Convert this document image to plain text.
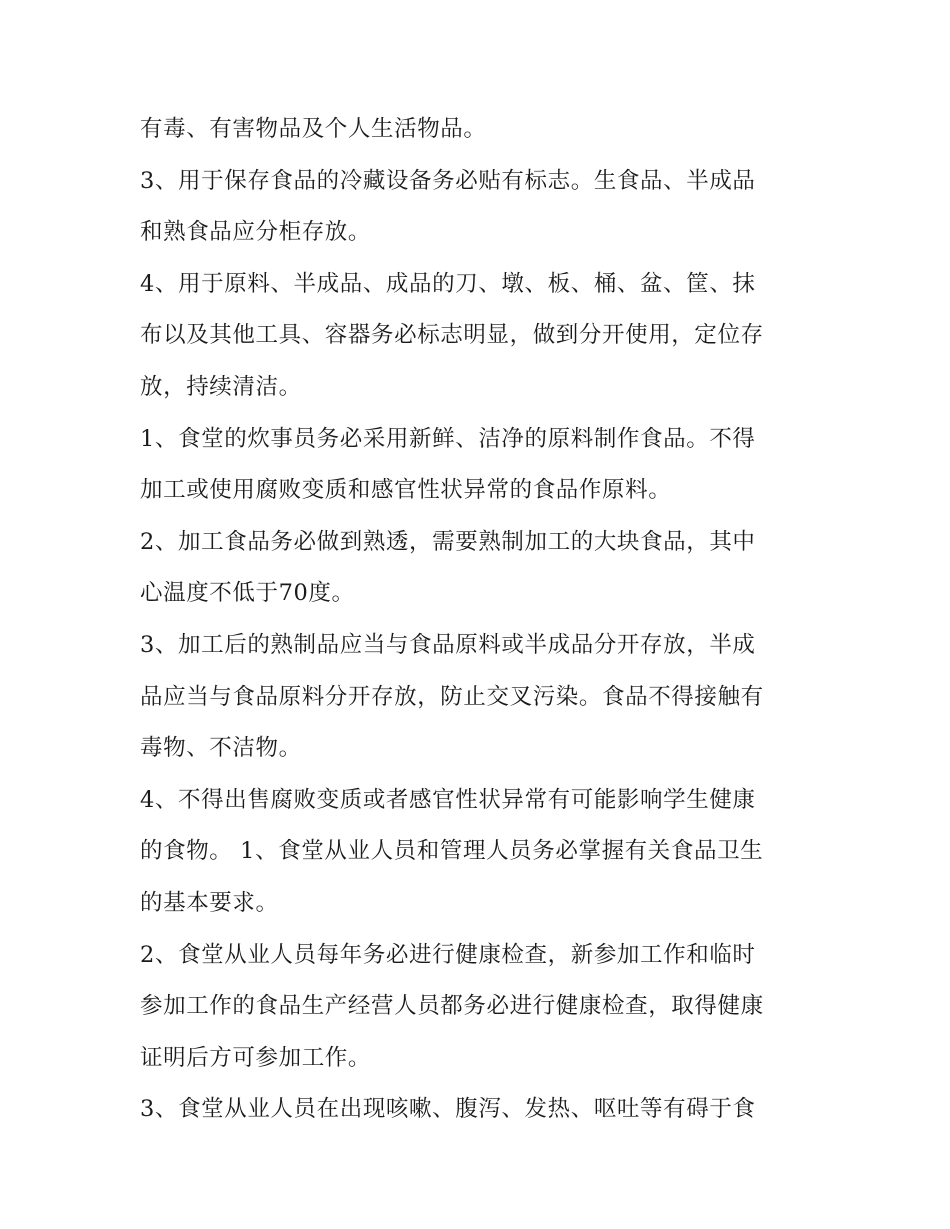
有毒、有害物品及个人生活物品。
3、用于保存食品的冷藏设备务必贴有标志。生食品、半成品
和熟食品应分柜存放。
4、用于原料、半成品、成品的刀、墩、板、桶、盆、筐、抹
布以及其他工具、容器务必标志明显，做到分开使用，定位存
放，持续清洁。
1、食堂的炊事员务必采用新鲜、洁净的原料制作食品。不得
加工或使用腐败变质和感官性状异常的食品作原料。
2、加工食品务必做到熟透，需要熟制加工的大块食品，其中
心温度不低于70度。
3、加工后的熟制品应当与食品原料或半成品分开存放，半成
品应当与食品原料分开存放，防止交叉污染。食品不得接触有
毒物、不洁物。
4、不得出售腐败变质或者感官性状异常有可能影响学生健康
的食物。 1、食堂从业人员和管理人员务必掌握有关食品卫生
的基本要求。
2、食堂从业人员每年务必进行健康检查，新参加工作和临时
参加工作的食品生产经营人员都务必进行健康检查，取得健康
证明后方可参加工作。
3、食堂从业人员在出现咳嗽、腹泻、发热、呕吐等有碍于食
